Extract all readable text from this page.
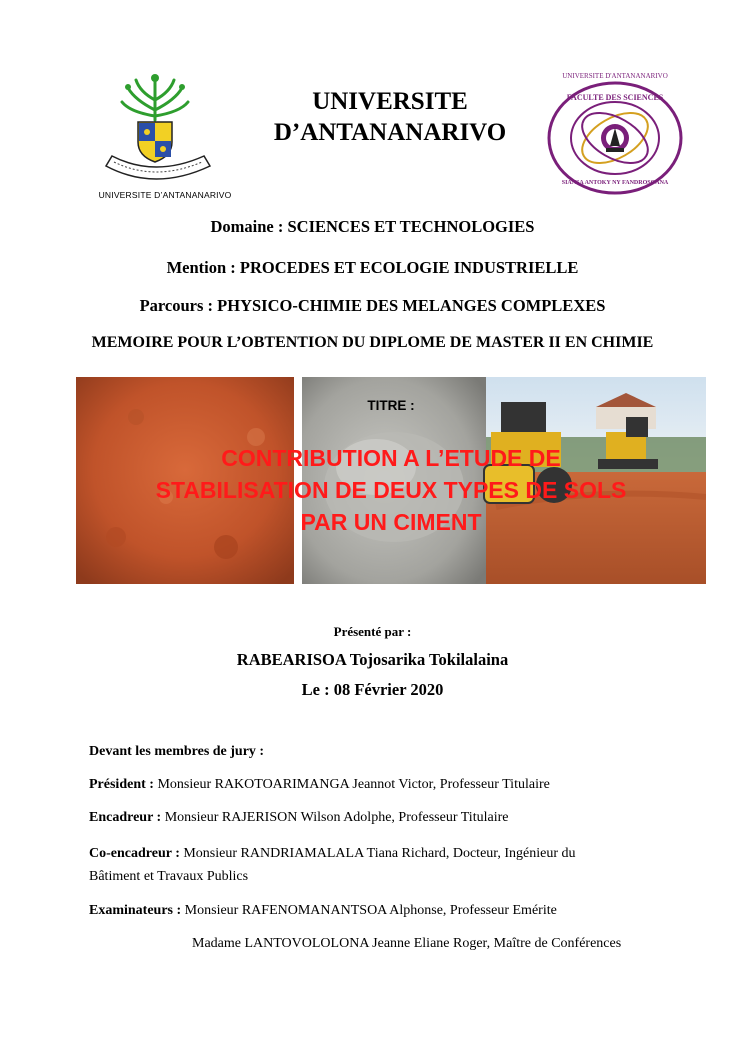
UNIVERSITE D’ANTANANARIVO
UNIVERSITE D’ANTANANARIVO
UNIVERSITE D'ANTANANARIVO
FACULTE DES SCIENCES
SIANSA ANTOKY NY FANDROSOANA
Domaine : SCIENCES ET TECHNOLOGIES
Mention : PROCEDES ET ECOLOGIE INDUSTRIELLE
Parcours : PHYSICO-CHIMIE DES MELANGES COMPLEXES
MEMOIRE POUR L’OBTENTION DU DIPLOME DE MASTER II EN CHIMIE
TITRE :
CONTRIBUTION A L’ETUDE DE STABILISATION DE DEUX TYPES DE SOLS PAR UN CIMENT
Présenté par :
RABEARISOA Tojosarika Tokilalaina
Le : 08 Février 2020
Devant les membres de jury :
Président : Monsieur RAKOTOARIMANGA Jeannot Victor, Professeur Titulaire
Encadreur : Monsieur RAJERISON Wilson Adolphe, Professeur Titulaire
Co-encadreur : Monsieur RANDRIAMALALA Tiana Richard, Docteur, Ingénieur du
Bâtiment et Travaux Publics
Examinateurs : Monsieur RAFENOMANANTSOA Alphonse, Professeur Emérite
Madame LANTOVOLOLONA Jeanne Eliane Roger, Maître de Conférences
